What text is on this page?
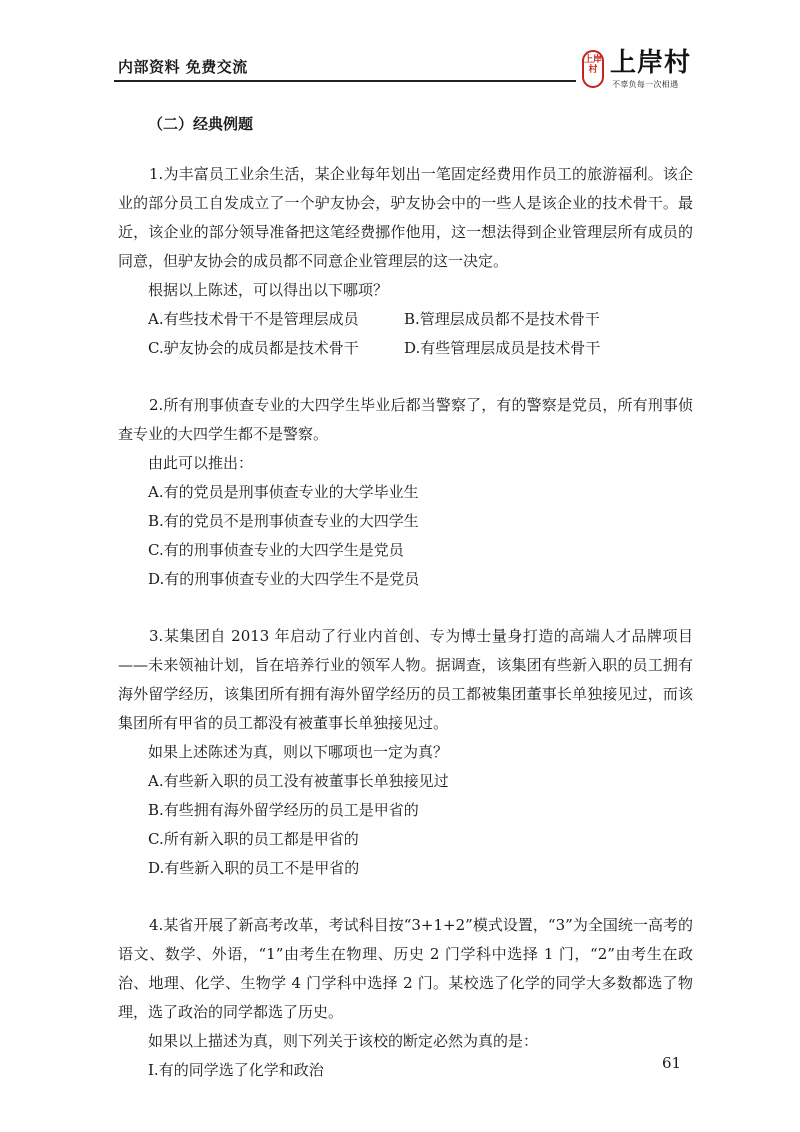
内部资料 免费交流	上岸村 上岸村
不辜负每一次相遇
（二）经典例题

1.为丰富员工业余生活，某企业每年划出一笔固定经费用作员工的旅游福利。该企业的部分员工自发成立了一个驴友协会，驴友协会中的一些人是该企业的技术骨干。最近，该企业的部分领导准备把这笔经费挪作他用，这一想法得到企业管理层所有成员的同意，但驴友协会的成员都不同意企业管理层的这一决定。

根据以上陈述，可以得出以下哪项？

A.有些技术骨干不是管理层成员	B.管理层成员都不是技术骨干
C.驴友协会的成员都是技术骨干	D.有些管理层成员是技术骨干

2.所有刑事侦查专业的大四学生毕业后都当警察了，有的警察是党员，所有刑事侦查专业的大四学生都不是警察。

由此可以推出：

A.有的党员是刑事侦查专业的大学毕业生

B.有的党员不是刑事侦查专业的大四学生

C.有的刑事侦查专业的大四学生是党员

D.有的刑事侦查专业的大四学生不是党员

3.某集团自 2013 年启动了行业内首创、专为博士量身打造的高端人才品牌项目——未来领袖计划，旨在培养行业的领军人物。据调查，该集团有些新入职的员工拥有海外留学经历，该集团所有拥有海外留学经历的员工都被集团董事长单独接见过，而该集团所有甲省的员工都没有被董事长单独接见过。

如果上述陈述为真，则以下哪项也一定为真？

A.有些新入职的员工没有被董事长单独接见过

B.有些拥有海外留学经历的员工是甲省的

C.所有新入职的员工都是甲省的

D.有些新入职的员工不是甲省的

4.某省开展了新高考改革，考试科目按“3+1+2”模式设置，“3”为全国统一高考的语文、数学、外语，“1”由考生在物理、历史 2 门学科中选择 1 门，“2”由考生在政治、地理、化学、生物学 4 门学科中选择 2 门。某校选了化学的同学大多数都选了物理，选了政治的同学都选了历史。

如果以上描述为真，则下列关于该校的断定必然为真的是：

Ⅰ.有的同学选了化学和政治	61
